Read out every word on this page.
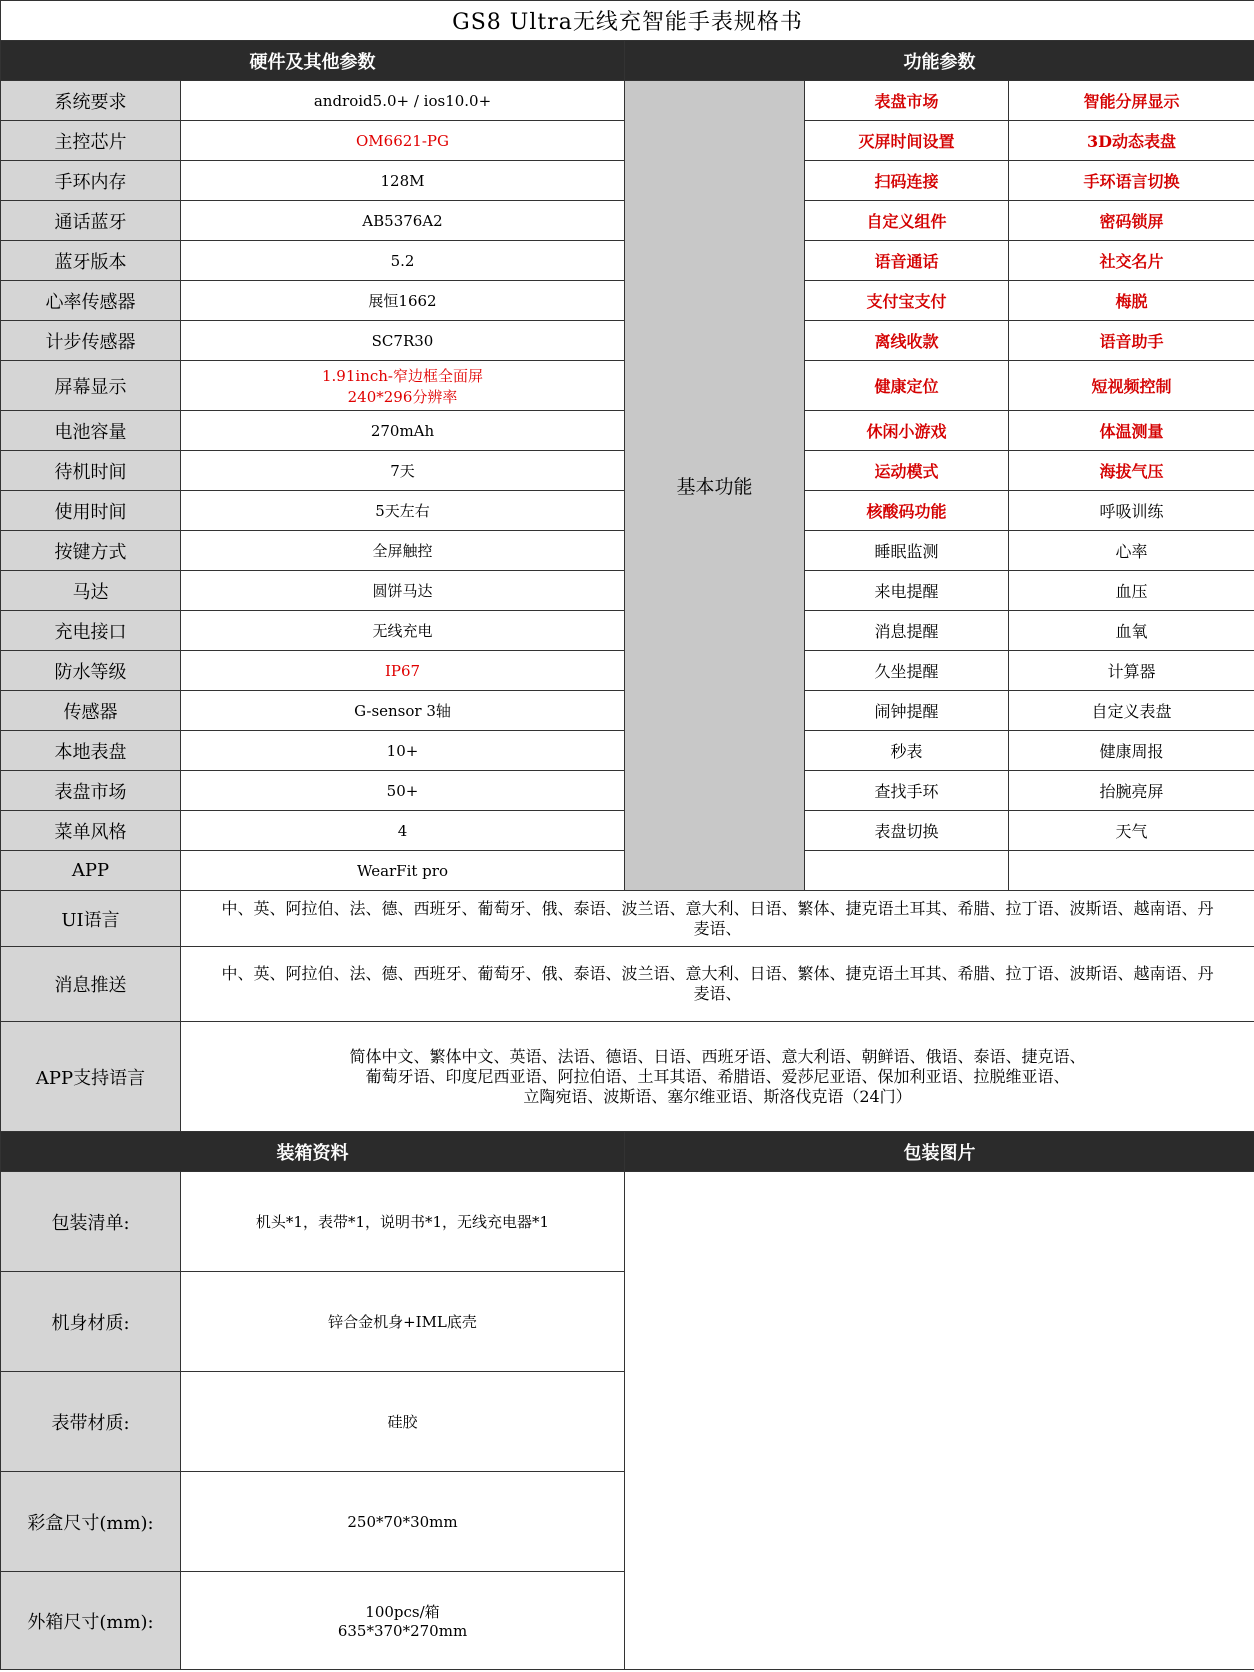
GS8 Ultra无线充智能手表规格书				
硬件及其他参数		功能参数		
系统要求	android5.0+ / ios10.0+	基本功能	表盘市场	智能分屏显示
主控芯片	OM6621-PG		灭屏时间设置	3D动态表盘
手环内存	128M		扫码连接	手环语言切换
通话蓝牙	AB5376A2		自定义组件	密码锁屏
蓝牙版本	5.2		语音通话	社交名片
心率传感器	展恒1662		支付宝支付	梅脱
计步传感器	SC7R30		离线收款	语音助手
屏幕显示	1.91inch-窄边框全面屏
240*296分辨率		健康定位	短视频控制
电池容量	270mAh		休闲小游戏	体温测量
待机时间	7天		运动模式	海拔气压
使用时间	5天左右		核酸码功能	呼吸训练
按键方式	全屏触控		睡眠监测	心率
马达	圆饼马达		来电提醒	血压
充电接口	无线充电		消息提醒	血氧
防水等级	IP67		久坐提醒	计算器
传感器	G-sensor 3轴		闹钟提醒	自定义表盘
本地表盘	10+		秒表	健康周报
表盘市场	50+		查找手环	抬腕亮屏
菜单风格	4		表盘切换	天气
APP	WearFit pro			
UI语言	中、英、阿拉伯、法、德、西班牙、葡萄牙、俄、泰语、波兰语、意大利、日语、繁体、捷克语土耳其、希腊、拉丁语、波斯语、越南语、丹
麦语、			

消息推送	中、英、阿拉伯、法、德、西班牙、葡萄牙、俄、泰语、波兰语、意大利、日语、繁体、捷克语土耳其、希腊、拉丁语、波斯语、越南语、丹
麦语、			

APP支持语言	简体中文、繁体中文、英语、法语、德语、日语、西班牙语、意大利语、朝鲜语、俄语、泰语、捷克语、
葡萄牙语、印度尼西亚语、阿拉伯语、土耳其语、希腊语、爱莎尼亚语、保加利亚语、拉脱维亚语、
立陶宛语、波斯语、塞尔维亚语、斯洛伐克语（24门）			

装箱资料		包装图片		
包装清单:	机头*1，表带*1，说明书*1，无线充电器*1			
机身材质:	锌合金机身+IML底壳			
表带材质:	硅胶			
彩盒尺寸(mm):	250*70*30mm			
外箱尺寸(mm):	100pcs/箱
635*370*270mm			
